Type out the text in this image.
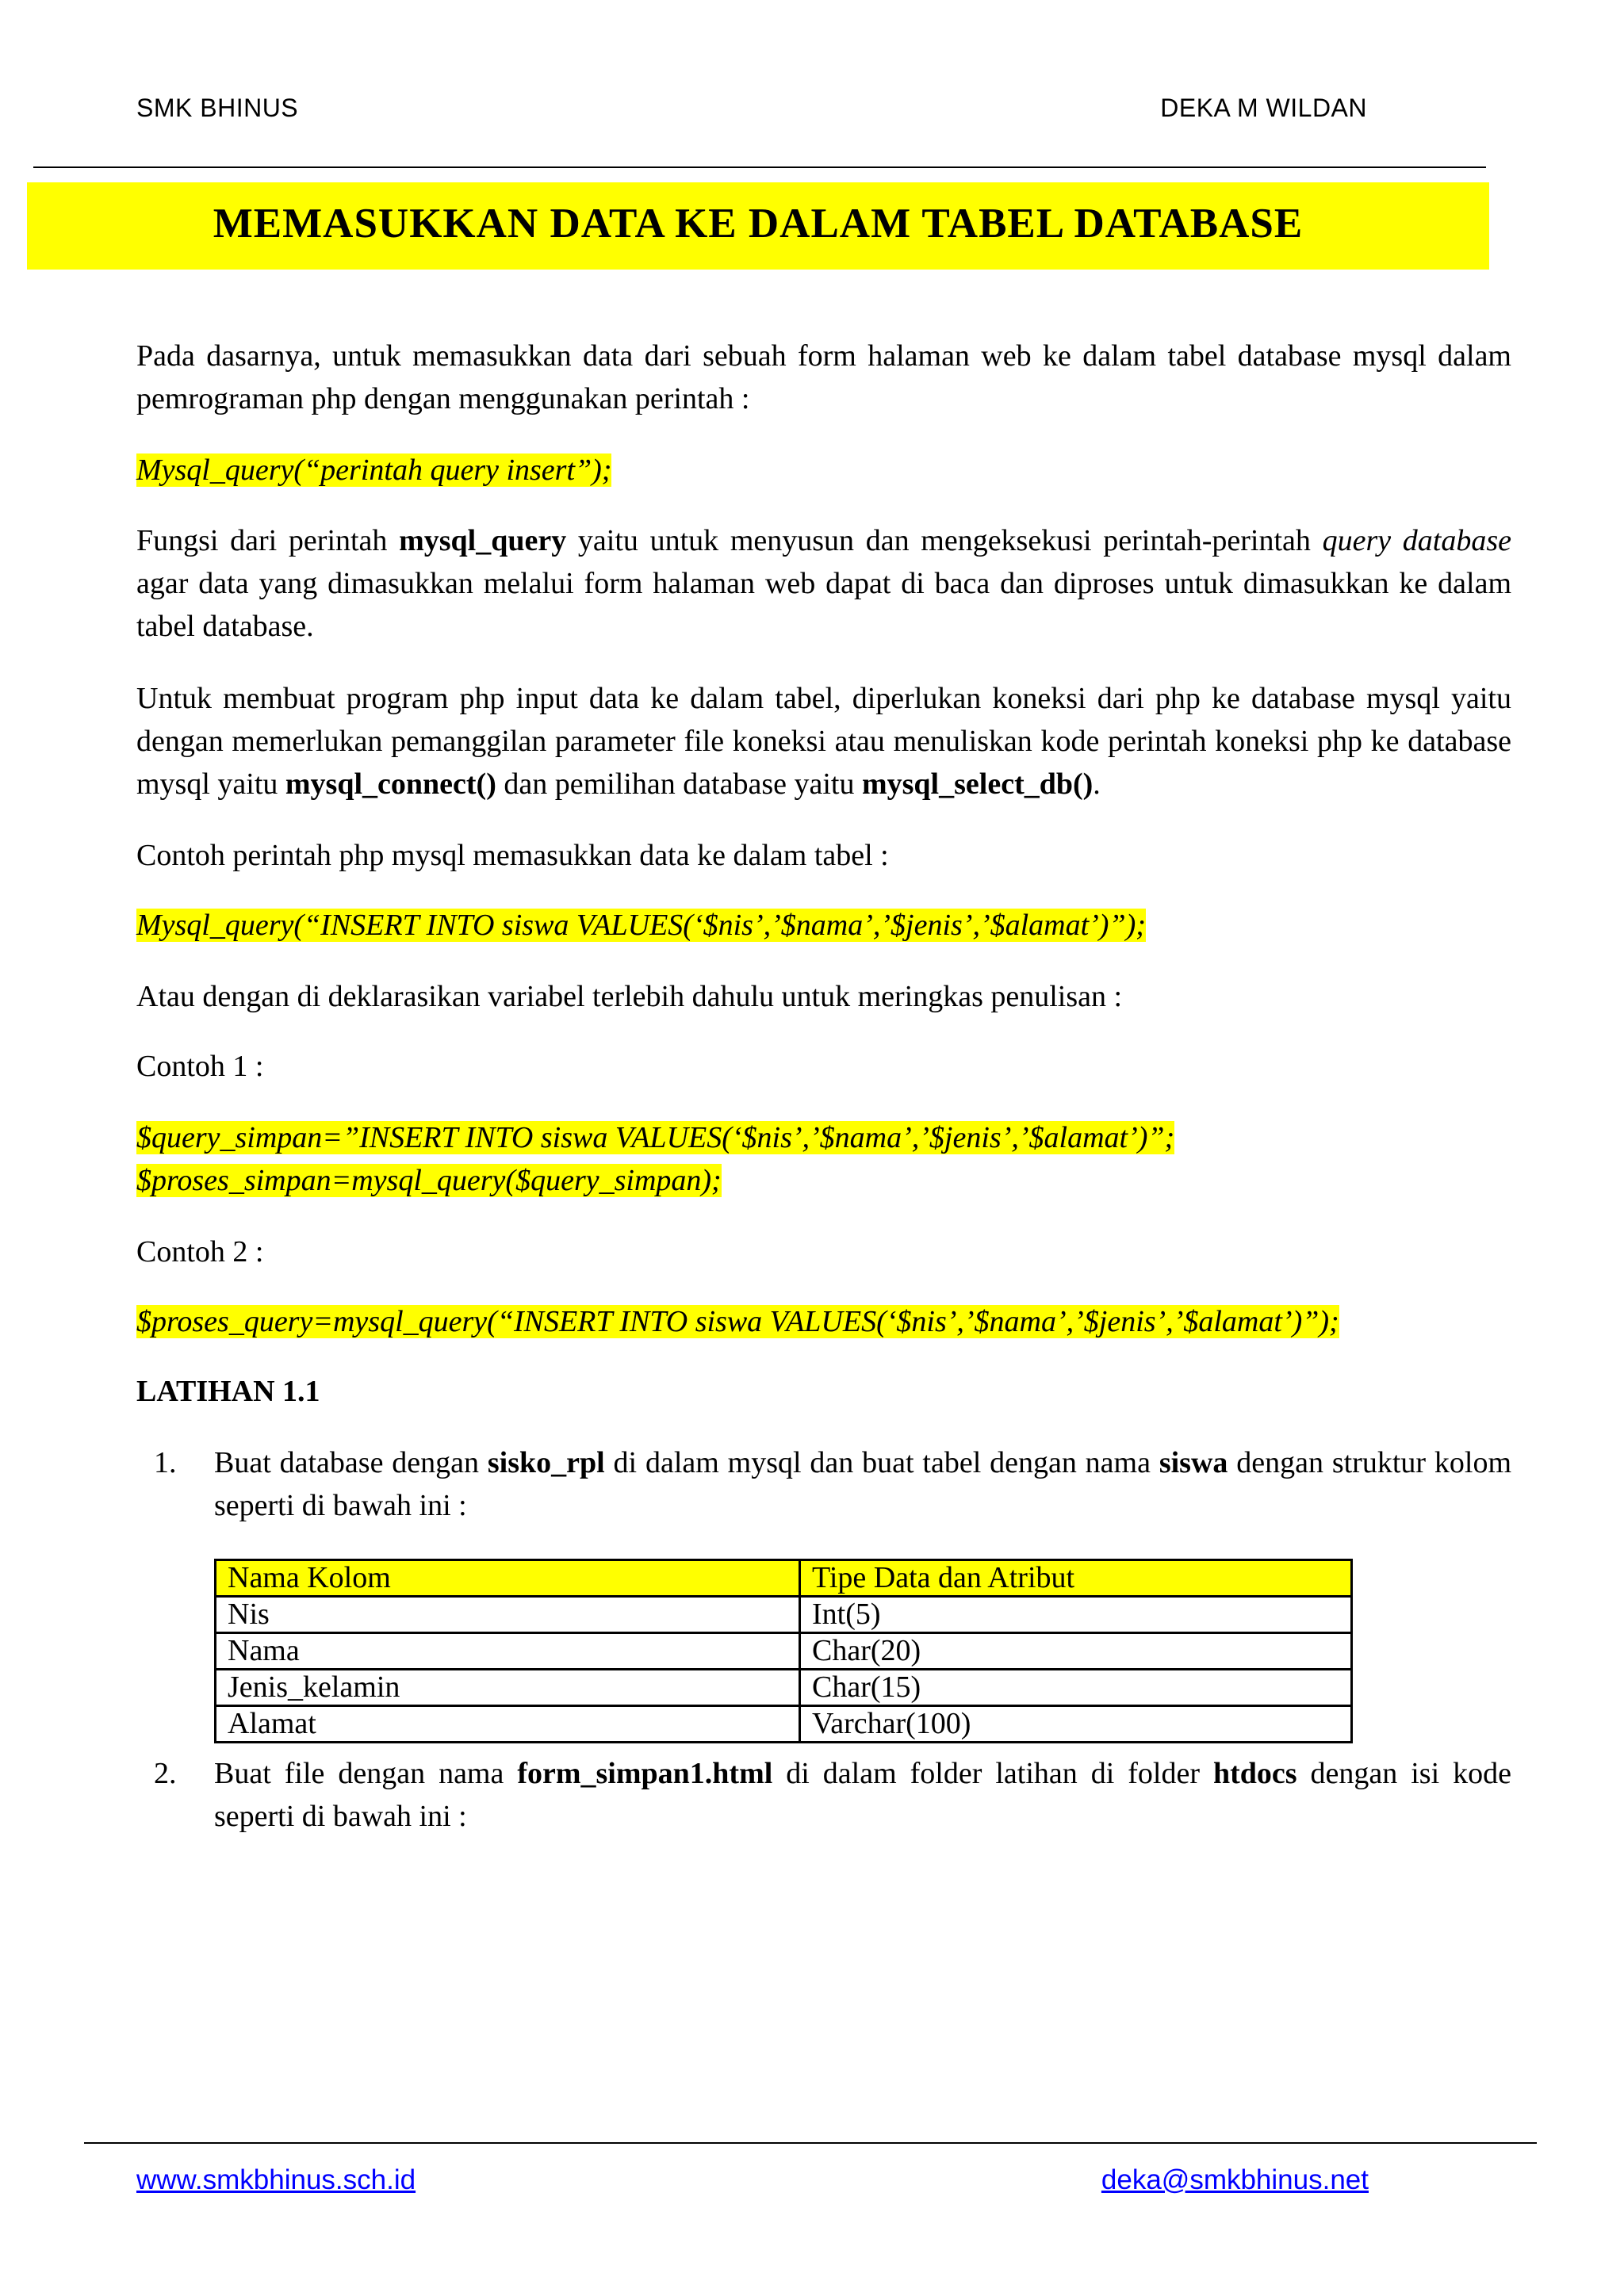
SMK BHINUS	DEKA M WILDAN
MEMASUKKAN DATA KE DALAM TABEL DATABASE

Pada dasarnya, untuk memasukkan data dari sebuah form halaman web ke dalam tabel database mysql dalam pemrograman php dengan menggunakan perintah :

Mysql_query(“perintah query insert”);

Fungsi dari perintah mysql_query yaitu untuk menyusun dan mengeksekusi perintah-perintah query database agar data yang dimasukkan melalui form halaman web dapat di baca dan diproses untuk dimasukkan ke dalam tabel database.

Untuk membuat program php input data ke dalam tabel, diperlukan koneksi dari php ke database mysql yaitu dengan memerlukan pemanggilan parameter file koneksi atau menuliskan kode perintah koneksi php ke database mysql yaitu mysql_connect() dan pemilihan database yaitu mysql_select_db().

Contoh perintah php mysql memasukkan data ke dalam tabel :
Mysql_query(“INSERT INTO siswa VALUES(‘$nis’,’$nama’,’$jenis’,’$alamat’)”);
Atau dengan di deklarasikan variabel terlebih dahulu untuk meringkas penulisan :
Contoh 1 :
$query_simpan=”INSERT INTO siswa VALUES(‘$nis’,’$nama’,’$jenis’,’$alamat’)”;
$proses_simpan=mysql_query($query_simpan);
Contoh 2 :
$proses_query=mysql_query(“INSERT INTO siswa VALUES(‘$nis’,’$nama’,’$jenis’,’$alamat’)”);
LATIHAN 1.1
1. Buat database dengan sisko_rpl di dalam mysql dan buat tabel dengan nama siswa dengan struktur kolom seperti di bawah ini :
Nama Kolom	Tipe Data dan Atribut
Nis	Int(5)
Nama	Char(20)
Jenis_kelamin	Char(15)
Alamat	Varchar(100)
2. Buat file dengan nama form_simpan1.html di dalam folder latihan di folder htdocs dengan isi kode seperti di bawah ini :
www.smkbhinus.sch.id	deka@smkbhinus.net
